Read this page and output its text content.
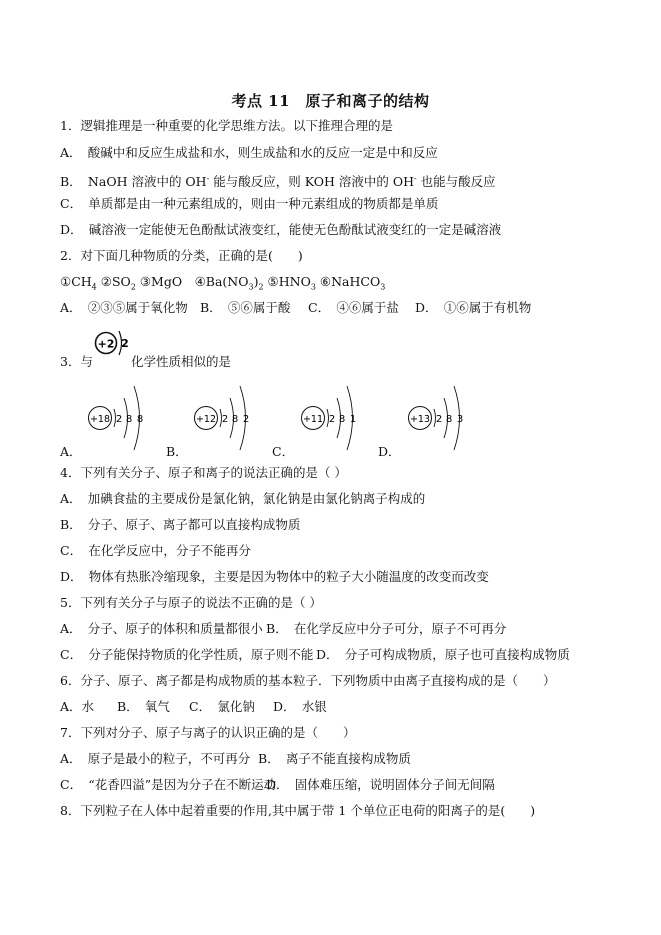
考点 11　原子和离子的结构
1．逻辑推理是一种重要的化学思维方法。以下推理合理的是
A．　酸碱中和反应生成盐和水，则生成盐和水的反应一定是中和反应
B．　NaOH 溶液中的 OH- 能与酸反应，则 KOH 溶液中的 OH- 也能与酸反应
C．　单质都是由一种元素组成的，则由一种元素组成的物质都是单质
D．　碱溶液一定能使无色酚酞试液变红，能使无色酚酞试液变红的一定是碱溶液
2．对下面几种物质的分类，正确的是(　　)
$①CH_4$ $②SO_2$ ③MgO　$④Ba(NO_3)_2$ $⑤HNO_3$ ⑥NaHCO$_3$
A．　②③⑤属于氧化物 B．　⑤⑥属于酸 C．　④⑥属于盐 D．　①⑥属于有机物
3．与
+2 2
化学性质相似的是
+18 2 8 8	+12 2 8 2	+11 2 8 1	+13 2 8 3
A．	B．	C．	D．
4．下列有关分子、原子和离子的说法正确的是（ ）
A．　加碘食盐的主要成份是氯化钠，氯化钠是由氯化钠离子构成的
B．　分子、原子、离子都可以直接构成物质
C．　在化学反应中，分子不能再分
D．　物体有热胀冷缩现象，主要是因为物体中的粒子大小随温度的改变而改变
5．下列有关分子与原子的说法不正确的是（ ）
A．　分子、原子的体积和质量都很小 B．　在化学反应中分子可分，原子不可再分
C．　分子能保持物质的化学性质，原子则不能 D．　分子可构成物质，原子也可直接构成物质
6．分子、原子、离子都是构成物质的基本粒子．下列物质中由离子直接构成的是（　　）
A．水 B．　氧气 C．　氯化钠 D．　水银
7．下列对分子、原子与离子的认识正确的是（　　）
A．　原子是最小的粒子，不可再分 B．　离子不能直接构成物质
C．　“花香四溢”是因为分子在不断运动
D．　固体难压缩，说明固体分子间无间隔
8．下列粒子在人体中起着重要的作用,其中属于带 1 个单位正电荷的阳离子的是(　　)
